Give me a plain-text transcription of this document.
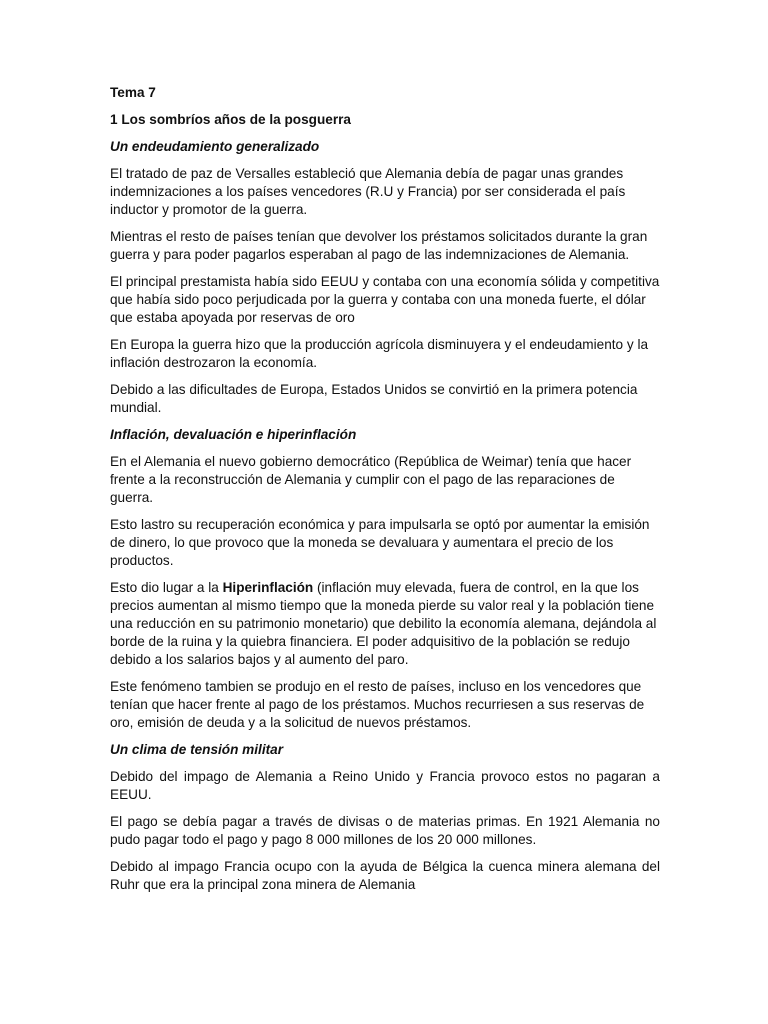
Tema 7

1 Los sombríos años de la posguerra

Un endeudamiento generalizado

El tratado de paz de Versalles estableció que Alemania debía de pagar unas grandes indemnizaciones a los países vencedores (R.U y Francia) por ser considerada el país inductor y promotor de la guerra.

Mientras el resto de países tenían que devolver los préstamos solicitados durante la gran guerra y para poder pagarlos esperaban al pago de las indemnizaciones de Alemania.

El principal prestamista había sido EEUU y contaba con una economía sólida y competitiva que había sido poco perjudicada por la guerra y contaba con una moneda fuerte, el dólar que estaba apoyada por reservas de oro

En Europa la guerra hizo que la producción agrícola disminuyera y el endeudamiento y la inflación destrozaron la economía.

Debido a las dificultades de Europa, Estados Unidos se convirtió en la primera potencia mundial.

Inflación, devaluación e hiperinflación

En el Alemania el nuevo gobierno democrático (República de Weimar) tenía que hacer frente a la reconstrucción de Alemania y cumplir con el pago de las reparaciones de guerra.

Esto lastro su recuperación económica y para impulsarla se optó por aumentar la emisión de dinero, lo que provoco que la moneda se devaluara y aumentara el precio de los productos.

Esto dio lugar a la Hiperinflación (inflación muy elevada, fuera de control, en la que los precios aumentan al mismo tiempo que la moneda pierde su valor real y la población tiene una reducción en su patrimonio monetario) que debilito la economía alemana, dejándola al borde de la ruina y la quiebra financiera. El poder adquisitivo de la población se redujo debido a los salarios bajos y al aumento del paro.

Este fenómeno tambien se produjo en el resto de países, incluso en los vencedores que tenían que hacer frente al pago de los préstamos. Muchos recurriesen a sus reservas de oro, emisión de deuda y a la solicitud de nuevos préstamos.

Un clima de tensión militar

Debido del impago de Alemania a Reino Unido y Francia provoco estos no pagaran a EEUU.

El pago se debía pagar a través de divisas o de materias primas. En 1921 Alemania no pudo pagar todo el pago y pago 8 000 millones de los 20 000 millones.

Debido al impago Francia ocupo con la ayuda de Bélgica la cuenca minera alemana del Ruhr que era la principal zona minera de Alemania
